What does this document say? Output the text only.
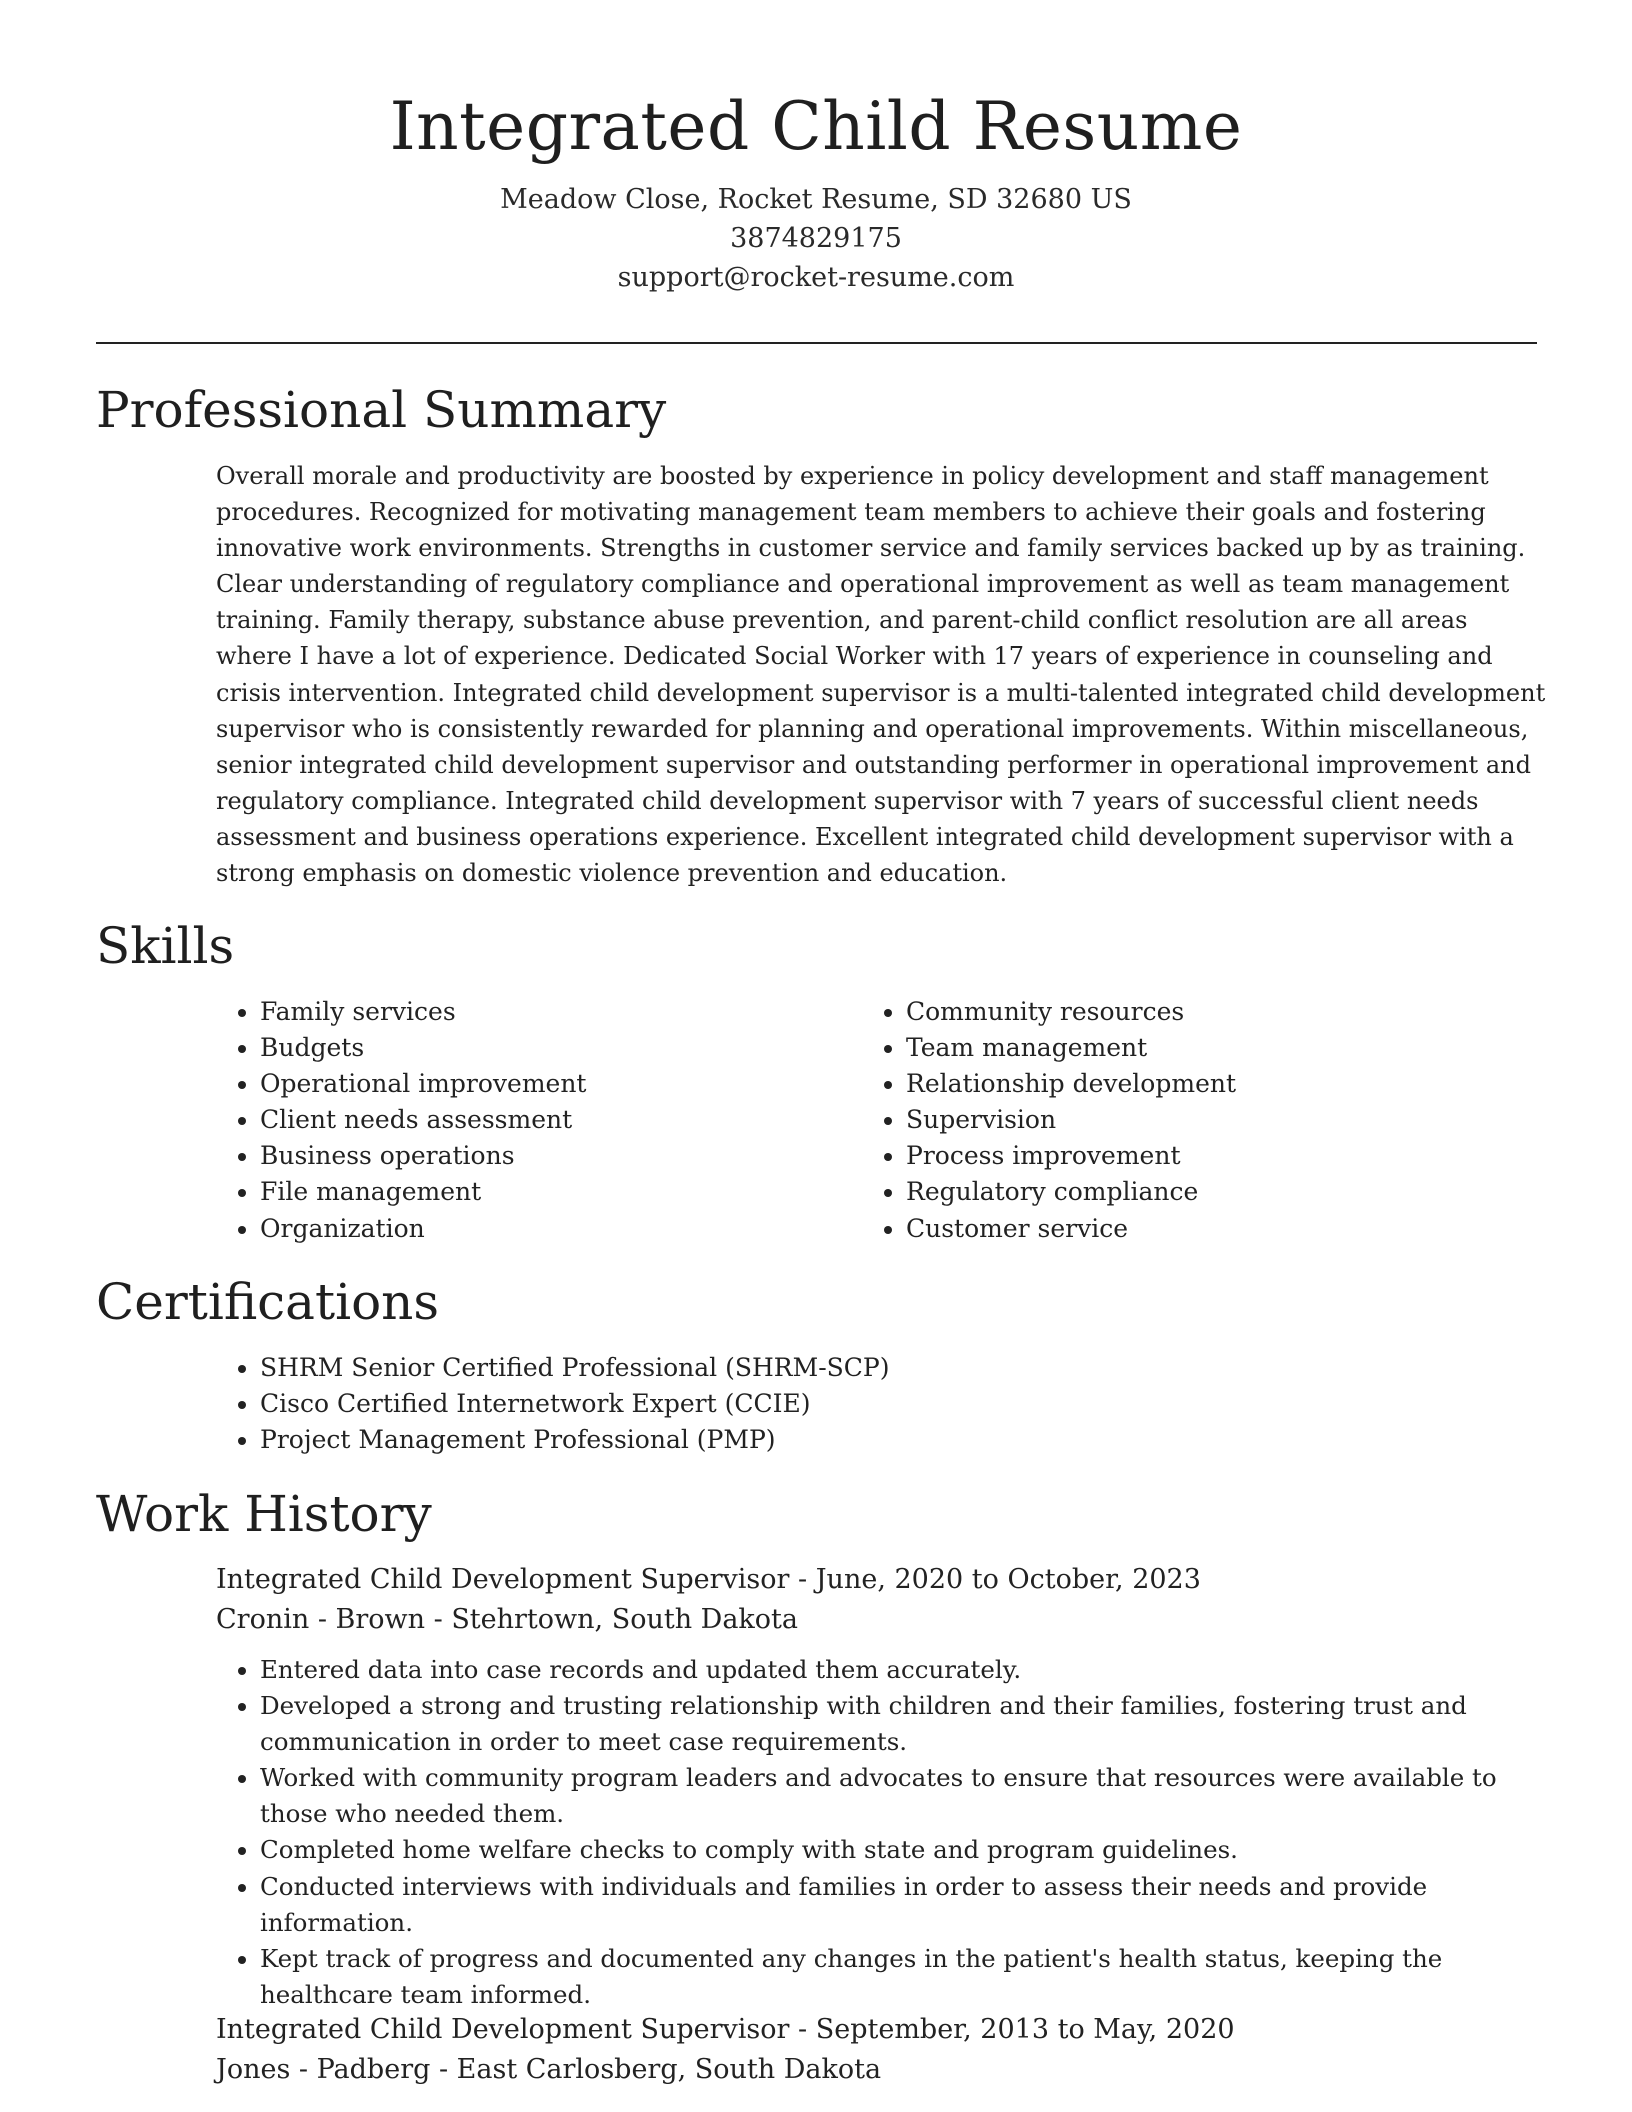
Integrated Child Resume
Meadow Close, Rocket Resume, SD 32680 US
3874829175
support@rocket-resume.com
Professional Summary

Overall morale and productivity are boosted by experience in policy development and staff management procedures. Recognized for motivating management team members to achieve their goals and fostering innovative work environments. Strengths in customer service and family services backed up by as training. Clear understanding of regulatory compliance and operational improvement as well as team management training. Family therapy, substance abuse prevention, and parent-child conflict resolution are all areas where I have a lot of experience. Dedicated Social Worker with 17 years of experience in counseling and crisis intervention. Integrated child development supervisor is a multi-talented integrated child development supervisor who is consistently rewarded for planning and operational improvements. Within miscellaneous, senior integrated child development supervisor and outstanding performer in operational improvement and regulatory compliance. Integrated child development supervisor with 7 years of successful client needs assessment and business operations experience. Excellent integrated child development supervisor with a strong emphasis on domestic violence prevention and education.

Skills
• Family services
• Budgets
• Operational improvement
• Client needs assessment
• Business operations
• File management
• Organization
• Community resources
• Team management
• Relationship development
• Supervision
• Process improvement
• Regulatory compliance
• Customer service
Certifications
• SHRM Senior Certified Professional (SHRM-SCP)
• Cisco Certified Internetwork Expert (CCIE)
• Project Management Professional (PMP)
Work History
Integrated Child Development Supervisor - June, 2020 to October, 2023
Cronin - Brown - Stehrtown, South Dakota
• Entered data into case records and updated them accurately.
• Developed a strong and trusting relationship with children and their families, fostering trust and communication in order to meet case requirements.
• Worked with community program leaders and advocates to ensure that resources were available to those who needed them.
• Completed home welfare checks to comply with state and program guidelines.
• Conducted interviews with individuals and families in order to assess their needs and provide information.
• Kept track of progress and documented any changes in the patient's health status, keeping the healthcare team informed.
Integrated Child Development Supervisor - September, 2013 to May, 2020
Jones - Padberg - East Carlosberg, South Dakota
